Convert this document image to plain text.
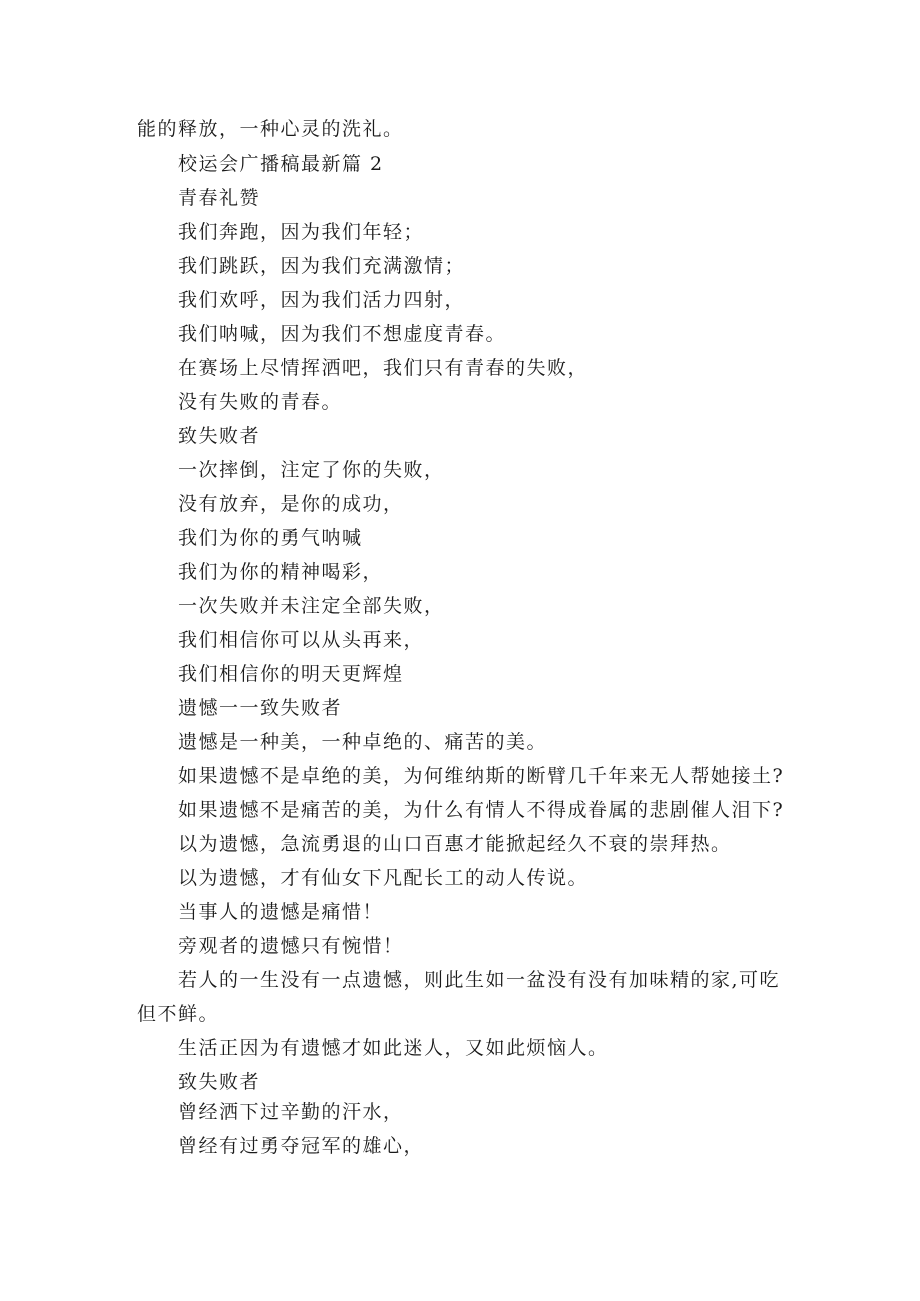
能的释放，一种心灵的洗礼。
校运会广播稿最新篇 2
青春礼赞
我们奔跑，因为我们年轻；
我们跳跃，因为我们充满激情；
我们欢呼，因为我们活力四射，
我们呐喊，因为我们不想虚度青春。
在赛场上尽情挥洒吧，我们只有青春的失败，
没有失败的青春。
致失败者
一次摔倒，注定了你的失败，
没有放弃，是你的成功，
我们为你的勇气呐喊
我们为你的精神喝彩，
一次失败并未注定全部失败，
我们相信你可以从头再来，
我们相信你的明天更辉煌
遗憾一一致失败者
遗憾是一种美，一种卓绝的、痛苦的美。
如果遗憾不是卓绝的美，为何维纳斯的断臂几千年来无人帮她接土?
如果遗憾不是痛苦的美，为什么有情人不得成眷属的悲剧催人泪下?
以为遗憾，急流勇退的山口百惠才能掀起经久不衰的崇拜热。
以为遗憾，才有仙女下凡配长工的动人传说。
当事人的遗憾是痛惜！
旁观者的遗憾只有惋惜！
若人的一生没有一点遗憾，则此生如一盆没有没有加味精的家,可吃
但不鲜。
生活正因为有遗憾才如此迷人，又如此烦恼人。
致失败者
曾经洒下过辛勤的汗水，
曾经有过勇夺冠军的雄心，
